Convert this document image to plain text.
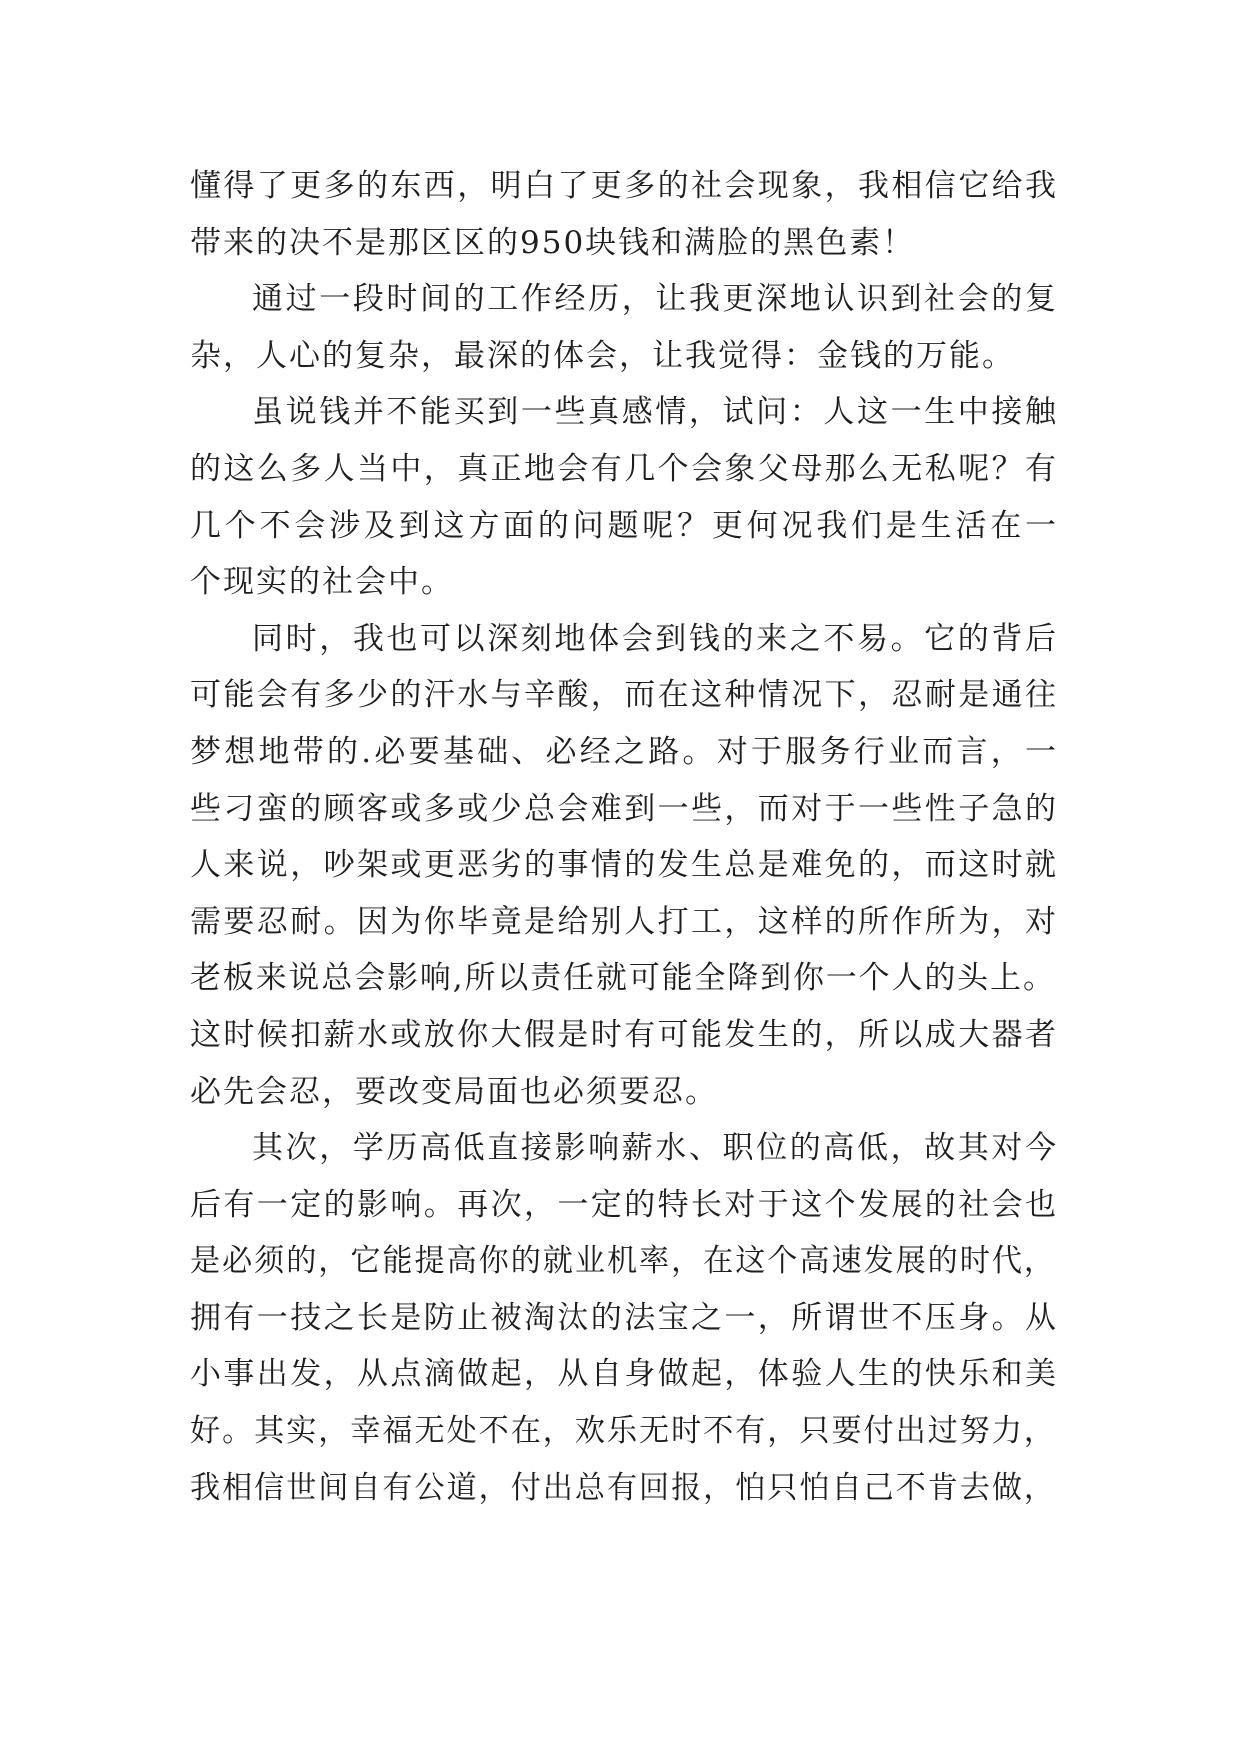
懂得了更多的东西，明白了更多的社会现象，我相信它给我
带来的决不是那区区的950块钱和满脸的黑色素！

通过一段时间的工作经历，让我更深地认识到社会的复
杂，人心的复杂，最深的体会，让我觉得：金钱的万能。

虽说钱并不能买到一些真感情，试问：人这一生中接触
的这么多人当中，真正地会有几个会象父母那么无私呢？有
几个不会涉及到这方面的问题呢？更何况我们是生活在一
个现实的社会中。

同时，我也可以深刻地体会到钱的来之不易。它的背后
可能会有多少的汗水与辛酸，而在这种情况下，忍耐是通往
梦想地带的.必要基础、必经之路。对于服务行业而言，一
些刁蛮的顾客或多或少总会难到一些，而对于一些性子急的
人来说，吵架或更恶劣的事情的发生总是难免的，而这时就
需要忍耐。因为你毕竟是给别人打工，这样的所作所为，对
老板来说总会影响,所以责任就可能全降到你一个人的头上。
这时候扣薪水或放你大假是时有可能发生的，所以成大器者
必先会忍，要改变局面也必须要忍。

其次，学历高低直接影响薪水、职位的高低，故其对今
后有一定的影响。再次，一定的特长对于这个发展的社会也
是必须的，它能提高你的就业机率，在这个高速发展的时代，
拥有一技之长是防止被淘汰的法宝之一，所谓世不压身。从
小事出发，从点滴做起，从自身做起，体验人生的快乐和美
好。其实，幸福无处不在，欢乐无时不有，只要付出过努力，
我相信世间自有公道，付出总有回报，怕只怕自己不肯去做，
